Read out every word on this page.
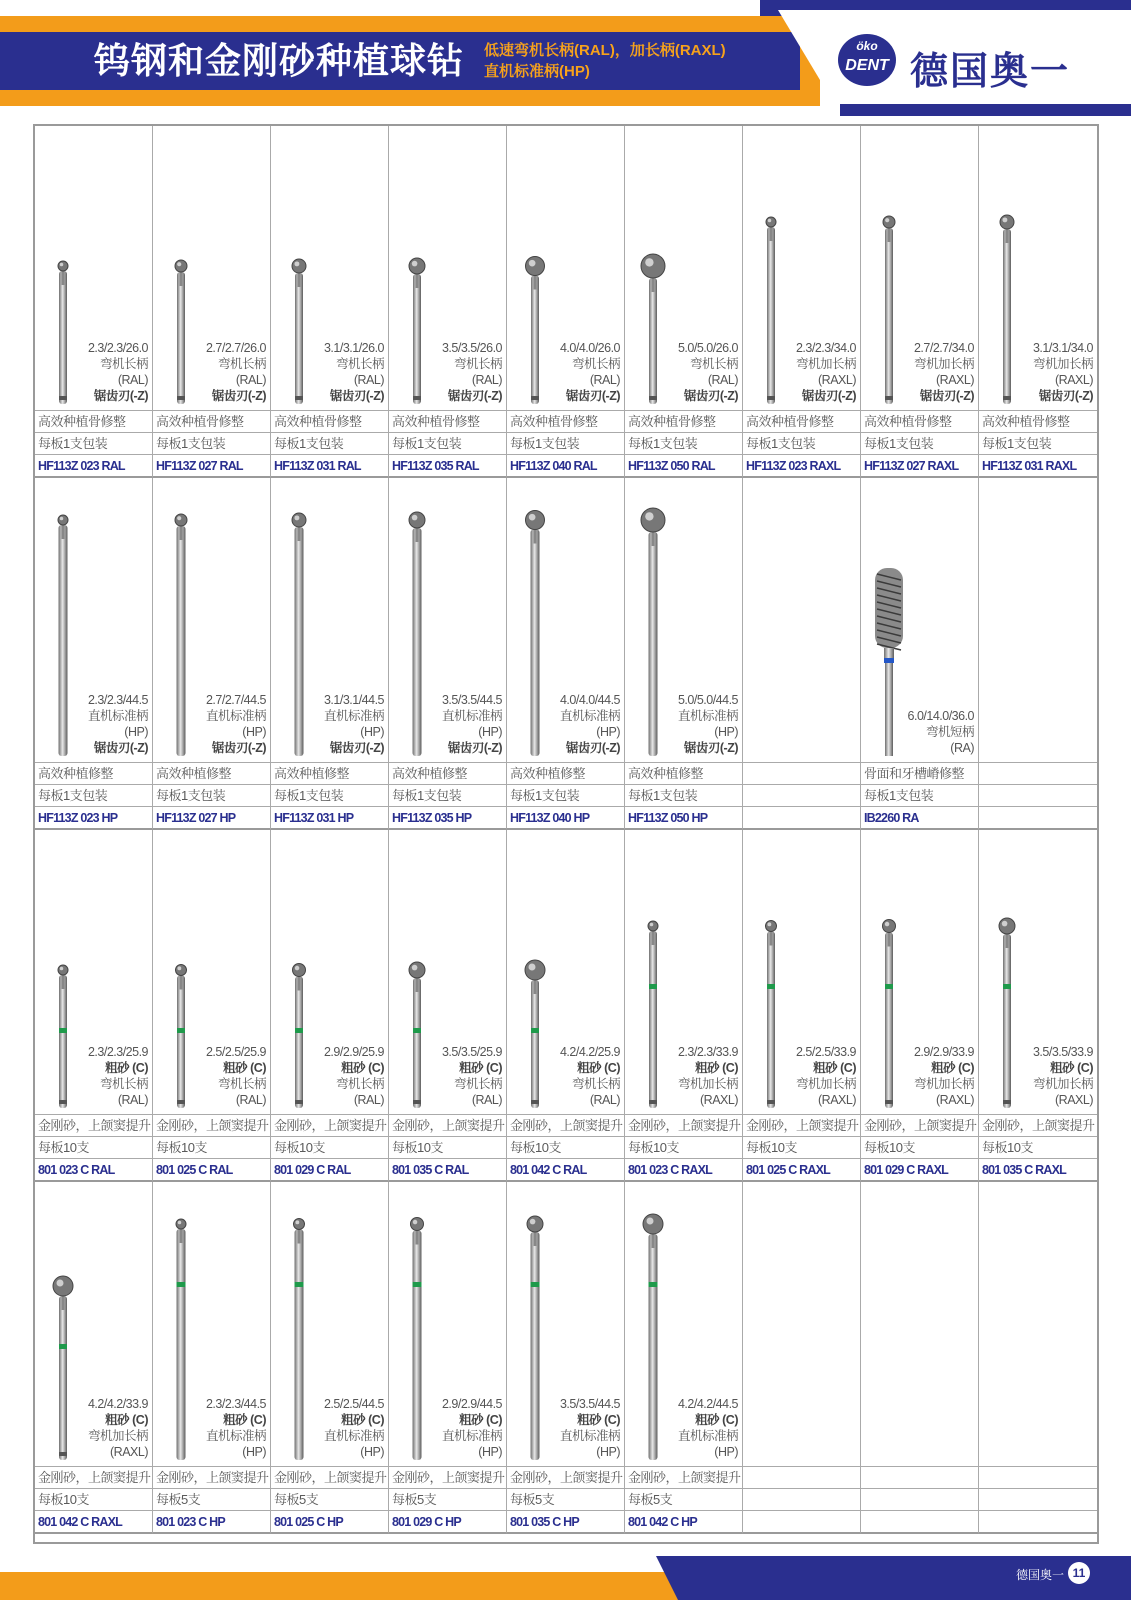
钨钢和金刚砂种植球钻 低速弯机长柄(RAL)，加长柄(RAXL)
直机标准柄(HP)
öko
DENT 德国奥一
2.3/2.3/26.0
弯机长柄
(RAL)
锯齿刃(-Z)
高效种植骨修整
每板1支包装
HF113Z 023 RAL
2.7/2.7/26.0
弯机长柄
(RAL)
锯齿刃(-Z)
高效种植骨修整
每板1支包装
HF113Z 027 RAL
3.1/3.1/26.0
弯机长柄
(RAL)
锯齿刃(-Z)
高效种植骨修整
每板1支包装
HF113Z 031 RAL
3.5/3.5/26.0
弯机长柄
(RAL)
锯齿刃(-Z)
高效种植骨修整
每板1支包装
HF113Z 035 RAL
4.0/4.0/26.0
弯机长柄
(RAL)
锯齿刃(-Z)
高效种植骨修整
每板1支包装
HF113Z 040 RAL
5.0/5.0/26.0
弯机长柄
(RAL)
锯齿刃(-Z)
高效种植骨修整
每板1支包装
HF113Z 050 RAL
2.3/2.3/34.0
弯机加长柄
(RAXL)
锯齿刃(-Z)
高效种植骨修整
每板1支包装
HF113Z 023 RAXL
2.7/2.7/34.0
弯机加长柄
(RAXL)
锯齿刃(-Z)
高效种植骨修整
每板1支包装
HF113Z 027 RAXL
3.1/3.1/34.0
弯机加长柄
(RAXL)
锯齿刃(-Z)
高效种植骨修整
每板1支包装
HF113Z 031 RAXL
2.3/2.3/44.5
直机标准柄
(HP)
锯齿刃(-Z)
高效种植修整
每板1支包装
HF113Z 023 HP
2.7/2.7/44.5
直机标准柄
(HP)
锯齿刃(-Z)
高效种植修整
每板1支包装
HF113Z 027 HP
3.1/3.1/44.5
直机标准柄
(HP)
锯齿刃(-Z)
高效种植修整
每板1支包装
HF113Z 031 HP
3.5/3.5/44.5
直机标准柄
(HP)
锯齿刃(-Z)
高效种植修整
每板1支包装
HF113Z 035 HP
4.0/4.0/44.5
直机标准柄
(HP)
锯齿刃(-Z)
高效种植修整
每板1支包装
HF113Z 040 HP
5.0/5.0/44.5
直机标准柄
(HP)
锯齿刃(-Z)
高效种植修整
每板1支包装
HF113Z 050 HP
6.0/14.0/36.0
弯机短柄
(RA)
骨面和牙槽嵴修整
每板1支包装
IB2260 RA
2.3/2.3/25.9
粗砂 (C)
弯机长柄
(RAL)
金刚砂，上颌窦提升
每板10支
801 023 C RAL
2.5/2.5/25.9
粗砂 (C)
弯机长柄
(RAL)
金刚砂，上颌窦提升
每板10支
801 025 C RAL
2.9/2.9/25.9
粗砂 (C)
弯机长柄
(RAL)
金刚砂，上颌窦提升
每板10支
801 029 C RAL
3.5/3.5/25.9
粗砂 (C)
弯机长柄
(RAL)
金刚砂，上颌窦提升
每板10支
801 035 C RAL
4.2/4.2/25.9
粗砂 (C)
弯机长柄
(RAL)
金刚砂，上颌窦提升
每板10支
801 042 C RAL
2.3/2.3/33.9
粗砂 (C)
弯机加长柄
(RAXL)
金刚砂，上颌窦提升
每板10支
801 023 C RAXL
2.5/2.5/33.9
粗砂 (C)
弯机加长柄
(RAXL)
金刚砂，上颌窦提升
每板10支
801 025 C RAXL
2.9/2.9/33.9
粗砂 (C)
弯机加长柄
(RAXL)
金刚砂，上颌窦提升
每板10支
801 029 C RAXL
3.5/3.5/33.9
粗砂 (C)
弯机加长柄
(RAXL)
金刚砂，上颌窦提升
每板10支
801 035 C RAXL
4.2/4.2/33.9
粗砂 (C)
弯机加长柄
(RAXL)
金刚砂，上颌窦提升
每板10支
801 042 C RAXL
2.3/2.3/44.5
粗砂 (C)
直机标准柄
(HP)
金刚砂，上颌窦提升
每板5支
801 023 C HP
2.5/2.5/44.5
粗砂 (C)
直机标准柄
(HP)
金刚砂，上颌窦提升
每板5支
801 025 C HP
2.9/2.9/44.5
粗砂 (C)
直机标准柄
(HP)
金刚砂，上颌窦提升
每板5支
801 029 C HP
3.5/3.5/44.5
粗砂 (C)
直机标准柄
(HP)
金刚砂，上颌窦提升
每板5支
801 035 C HP
4.2/4.2/44.5
粗砂 (C)
直机标准柄
(HP)
金刚砂，上颌窦提升
每板5支
801 042 C HP
德国奥一 11
